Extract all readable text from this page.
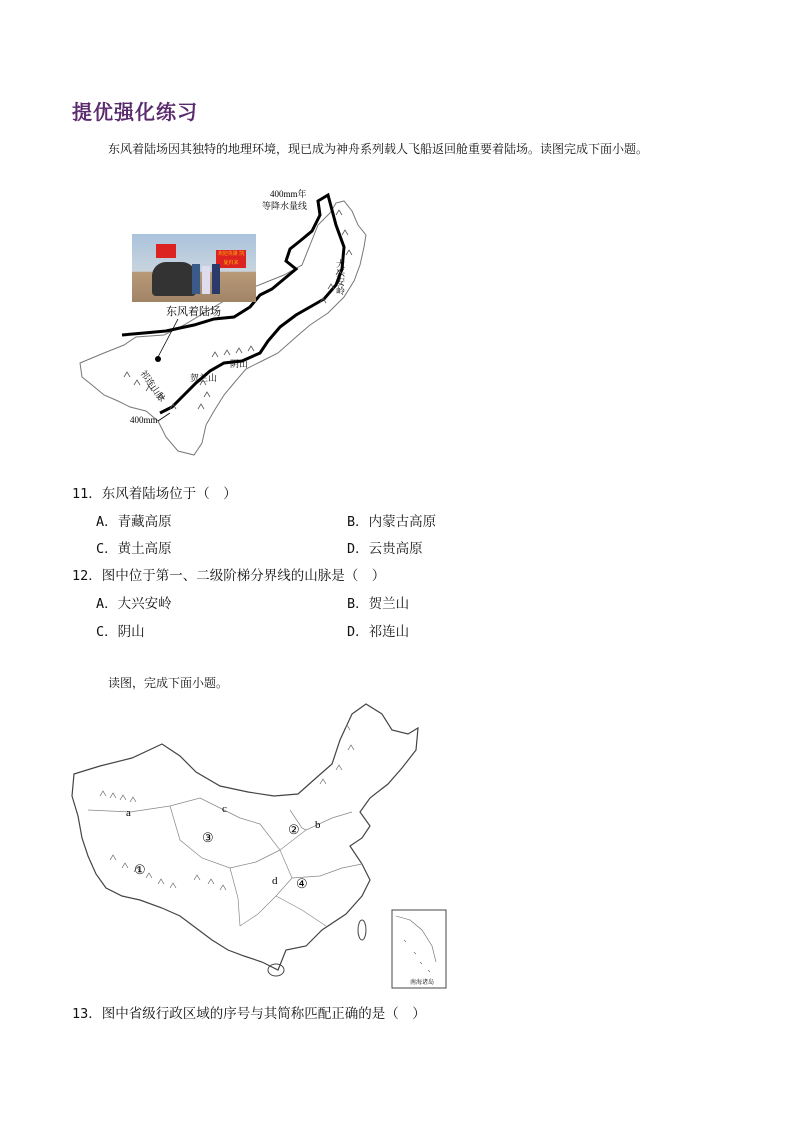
提优强化练习
东风着陆场因其独特的地理环境，现已成为神舟系列载人飞船返回舱重要着陆场。读图完成下面小题。
400mm年
等降水量线
大兴安岭
东风着陆场
阴山
贺兰山
祁连山脉
400mm
欢迎英雄 凯旋归来
11．东风着陆场位于（　）
A．青藏高原	B．内蒙古高原
C．黄土高原	D．云贵高原
12．图中位于第一、二级阶梯分界线的山脉是（　）
A．大兴安岭	B．贺兰山
C．阴山	D．祁连山
读图，完成下面小题。
a
b
c
d
①
②
③
④
南海诸岛
13．图中省级行政区域的序号与其简称匹配正确的是（　）
